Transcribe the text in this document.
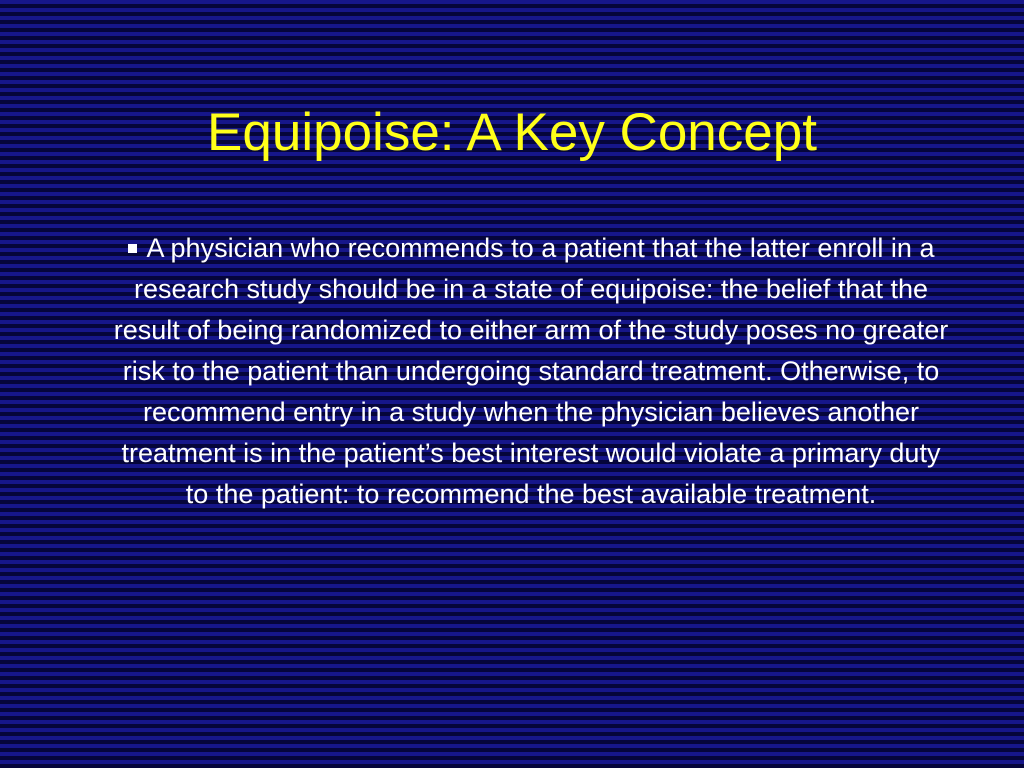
Equipoise: A Key Concept
A physician who recommends to a patient that the latter enroll in a research study should be in a state of equipoise: the belief that the result of being randomized to either arm of the study poses no greater risk to the patient than undergoing standard treatment. Otherwise, to recommend entry in a study when the physician believes another treatment is in the patient’s best interest would violate a primary duty to the patient: to recommend the best available treatment.
